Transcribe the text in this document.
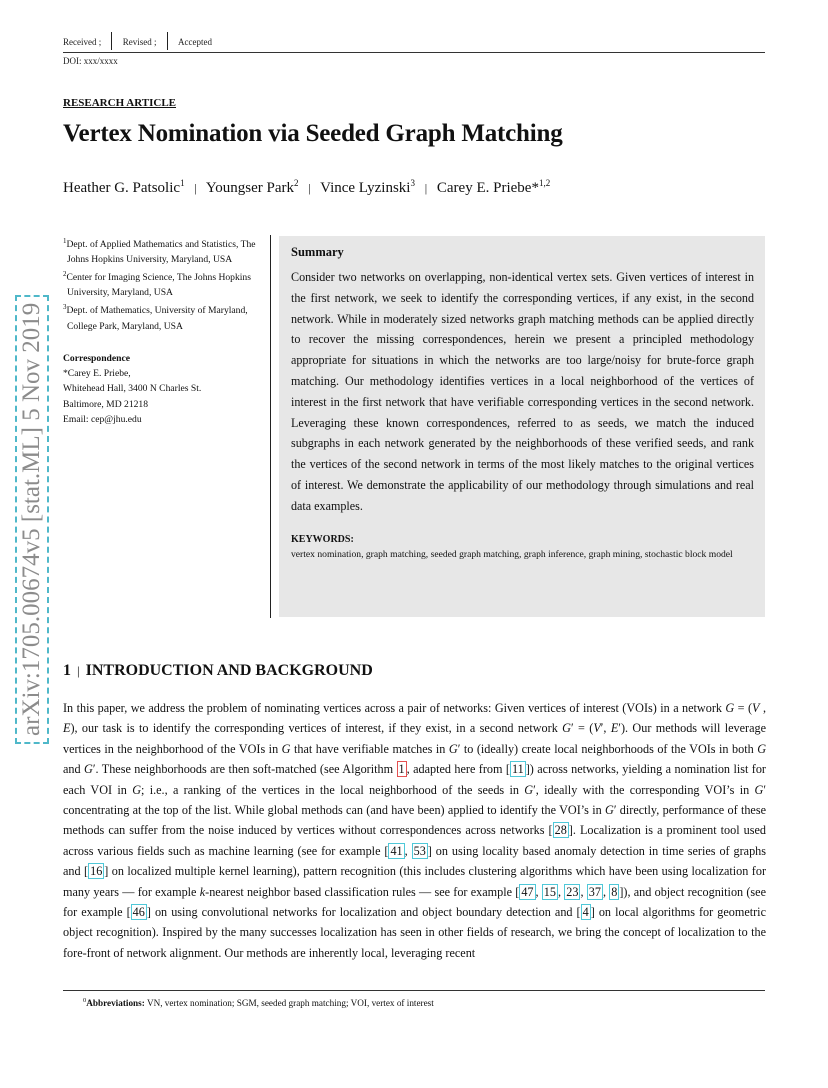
Received ; Revised ; Accepted
DOI: xxx/xxxx
RESEARCH ARTICLE
Vertex Nomination via Seeded Graph Matching
Heather G. Patsolic$^1$ | Youngser Park$^2$ | Vince Lyzinski$^3$ | Carey E. Priebe*$^{1,2}$
$^1$Dept. of Applied Mathematics and Statistics, The Johns Hopkins University, Maryland, USA
$^2$Center for Imaging Science, The Johns Hopkins University, Maryland, USA
$^3$Dept. of Mathematics, University of Maryland, College Park, Maryland, USA
Correspondence
*Carey E. Priebe,
Whitehead Hall, 3400 N Charles St.
Baltimore, MD 21218
Email: cep@jhu.edu
Summary
Consider two networks on overlapping, non-identical vertex sets. Given vertices of interest in the first network, we seek to identify the corresponding vertices, if any exist, in the second network. While in moderately sized networks graph matching methods can be applied directly to recover the missing correspondences, herein we present a principled methodology appropriate for situations in which the networks are too large/noisy for brute-force graph matching. Our methodology identifies vertices in a local neighborhood of the vertices of interest in the first network that have verifiable corresponding vertices in the second network. Leveraging these known correspondences, referred to as seeds, we match the induced subgraphs in each network generated by the neighborhoods of these verified seeds, and rank the vertices of the second network in terms of the most likely matches to the original vertices of interest. We demonstrate the applicability of our methodology through simulations and real data examples.
KEYWORDS:
vertex nomination, graph matching, seeded graph matching, graph inference, graph mining, stochastic block model
arXiv:1705.00674v5 [stat.ML] 5 Nov 2019 1 | INTRODUCTION AND BACKGROUND
In this paper, we address the problem of nominating vertices across a pair of networks: Given vertices of interest (VOIs) in a network G = (V , E), our task is to identify the corresponding vertices of interest, if they exist, in a second network G′ = (V′, E′). Our methods will leverage vertices in the neighborhood of the VOIs in G that have verifiable matches in G′ to (ideally) create local neighborhoods of the VOIs in both G and G′. These neighborhoods are then soft-matched (see Algorithm 1 , adapted here from [ 11 ]) across networks, yielding a nomination list for each VOI in G; i.e., a ranking of the vertices in the local neighborhood of the seeds in G′, ideally with the corresponding VOI’s in G′ concentrating at the top of the list. While global methods can (and have been) applied to identify the VOI’s in G′ directly, performance of these methods can suffer from the noise induced by vertices without correspondences across networks [ 28 ]. Localization is a prominent tool used across various fields such as machine learning (see for example [ 41 , 53 ] on using locality based anomaly detection in time series of graphs and [ 16 ] on localized multiple kernel learning), pattern recognition (this includes clustering algorithms which have been using localization for many years — for example k-nearest neighbor based classification rules — see for example [ 47 , 15 , 23 , 37 , 8 ]), and object recognition (see for example [ 46 ] on using convolutional networks for localization and object boundary detection and [ 4 ] on local algorithms for geometric object recognition). Inspired by the many successes localization has seen in other fields of research, we bring the concept of localization to the fore-front of network alignment. Our methods are inherently local, leveraging recent
$^0$Abbreviations: VN, vertex nomination; SGM, seeded graph matching; VOI, vertex of interest
